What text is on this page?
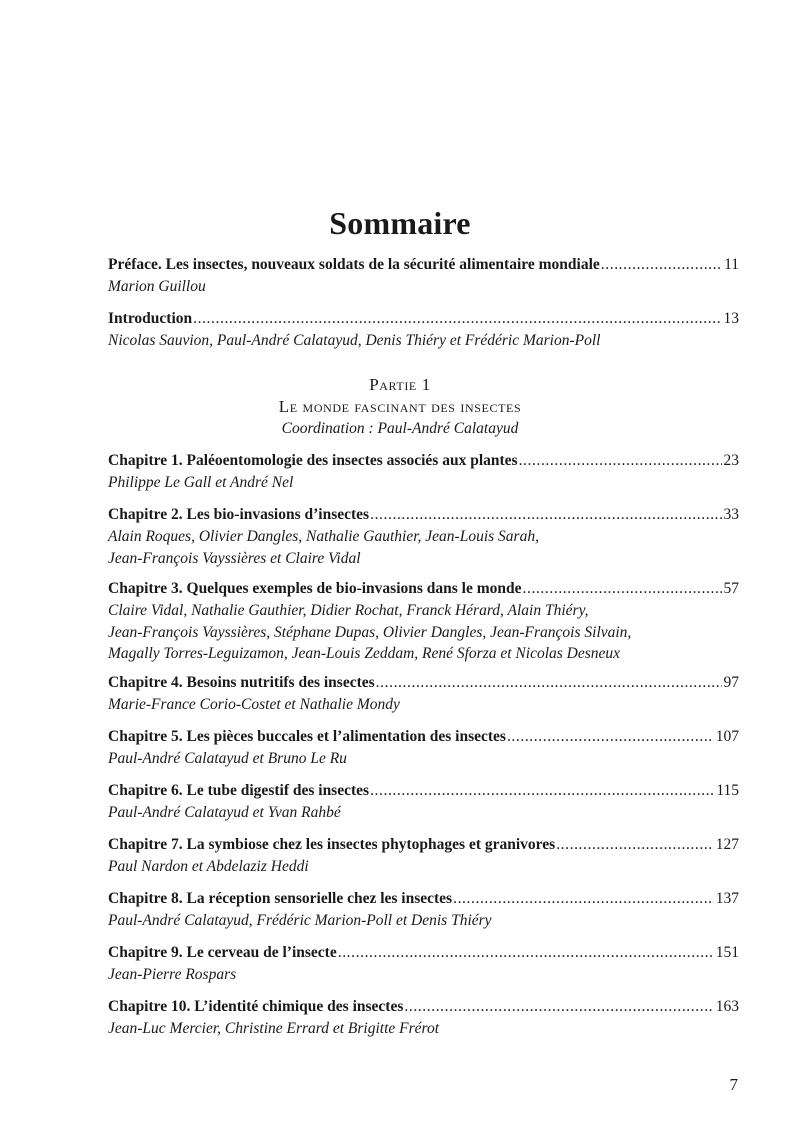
Sommaire
Préface. Les insectes, nouveaux soldats de la sécurité alimentaire mondiale .....	11
Marion Guillou
Introduction .....	13
Nicolas Sauvion, Paul-André Calatayud, Denis Thiéry et Frédéric Marion-Poll
Partie 1
Le monde fascinant des insectes
Coordination : Paul-André Calatayud
Chapitre 1. Paléoentomologie des insectes associés aux plantes .....	23
Philippe Le Gall et André Nel
Chapitre 2. Les bio-invasions d’insectes .....	33
Alain Roques, Olivier Dangles, Nathalie Gauthier, Jean-Louis Sarah,
Jean-François Vayssières et Claire Vidal
Chapitre 3. Quelques exemples de bio-invasions dans le monde .....	57
Claire Vidal, Nathalie Gauthier, Didier Rochat, Franck Hérard, Alain Thiéry,
Jean-François Vayssières, Stéphane Dupas, Olivier Dangles, Jean-François Silvain,
Magally Torres-Leguizamon, Jean-Louis Zeddam, René Sforza et Nicolas Desneux
Chapitre 4. Besoins nutritifs des insectes .....	97
Marie-France Corio-Costet et Nathalie Mondy
Chapitre 5. Les pièces buccales et l’alimentation des insectes .....	107
Paul-André Calatayud et Bruno Le Ru
Chapitre 6. Le tube digestif des insectes .....	115
Paul-André Calatayud et Yvan Rahbé
Chapitre 7. La symbiose chez les insectes phytophages et granivores .....	127
Paul Nardon et Abdelaziz Heddi
Chapitre 8. La réception sensorielle chez les insectes .....	137
Paul-André Calatayud, Frédéric Marion-Poll et Denis Thiéry
Chapitre 9. Le cerveau de l’insecte .....	151
Jean-Pierre Rospars
Chapitre 10. L’identité chimique des insectes .....	163
Jean-Luc Mercier, Christine Errard et Brigitte Frérot
7
